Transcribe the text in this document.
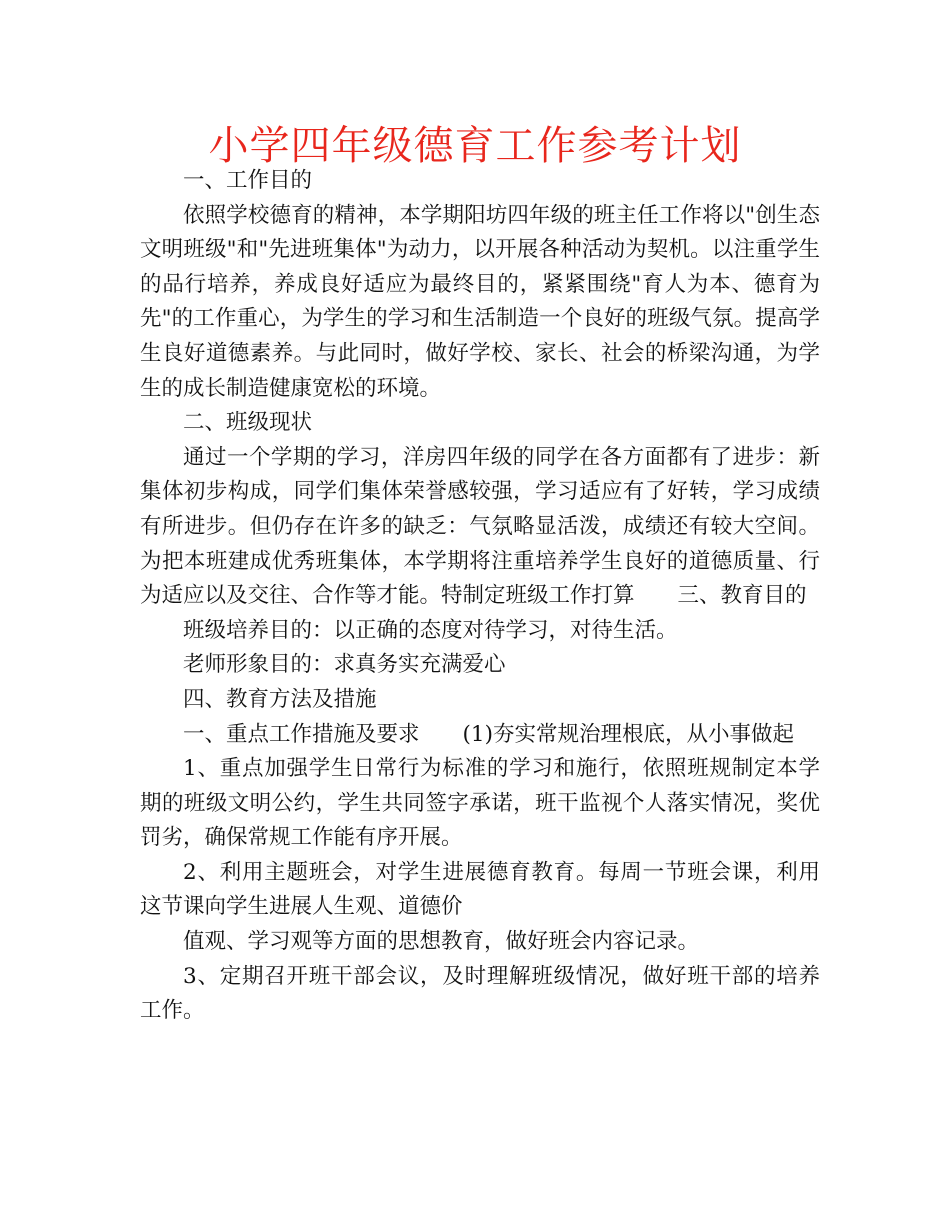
小学四年级德育工作参考计划

一、工作目的

依照学校德育的精神，本学期阳坊四年级的班主任工作将以"创生态文明班级"和"先进班集体"为动力，以开展各种活动为契机。以注重学生的品行培养，养成良好适应为最终目的，紧紧围绕"育人为本、德育为先"的工作重心，为学生的学习和生活制造一个良好的班级气氛。提高学生良好道德素养。与此同时，做好学校、家长、社会的桥梁沟通，为学生的成长制造健康宽松的环境。

二、班级现状

通过一个学期的学习，洋房四年级的同学在各方面都有了进步：新集体初步构成，同学们集体荣誉感较强，学习适应有了好转，学习成绩有所进步。但仍存在许多的缺乏：气氛略显活泼，成绩还有较大空间。为把本班建成优秀班集体，本学期将注重培养学生良好的道德质量、行为适应以及交往、合作等才能。特制定班级工作打算　　三、教育目的

班级培养目的：以正确的态度对待学习，对待生活。

老师形象目的：求真务实充满爱心

四、教育方法及措施

一、重点工作措施及要求　　(1)夯实常规治理根底，从小事做起

1、重点加强学生日常行为标准的学习和施行，依照班规制定本学期的班级文明公约，学生共同签字承诺，班干监视个人落实情况，奖优罚劣，确保常规工作能有序开展。

2、利用主题班会，对学生进展德育教育。每周一节班会课，利用这节课向学生进展人生观、道德价

值观、学习观等方面的思想教育，做好班会内容记录。

3、定期召开班干部会议，及时理解班级情况，做好班干部的培养工作。
